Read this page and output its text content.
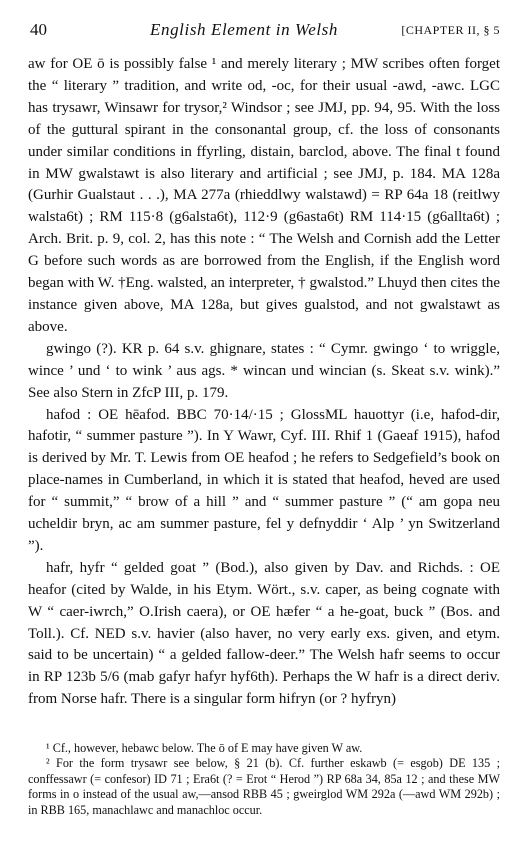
40	English Element in Welsh	[CHAPTER II, § 5

aw for OE ō is possibly false ¹ and merely literary ; MW scribes often forget the “ literary ” tradition, and write od, -oc, for their usual -awd, -awc. LGC has trysawr, Winsawr for trysor,² Windsor ; see JMJ, pp. 94, 95. With the loss of the guttural spirant in the consonantal group, cf. the loss of consonants under similar conditions in ffyrling, distain, barclod, above. The final t found in MW gwalstawt is also literary and artificial ; see JMJ, p. 184. MA 128a (Gurhir Gualstaut . . .), MA 277a (rhieddlwy walstawd) = RP 64a 18 (reitlwy walsta6t) ; RM 115·8 (g6alsta6t), 112·9 (g6asta6t) RM 114·15 (g6allta6t) ; Arch. Brit. p. 9, col. 2, has this note : “ The Welsh and Cornish add the Letter G before such words as are borrowed from the English, if the English word began with W. †Eng. walsted, an interpreter, † gwalstod.” Lhuyd then cites the instance given above, MA 128a, but gives gualstod, and not gwalstawt as above.

gwingo (?). KR p. 64 s.v. ghignare, states : “ Cymr. gwingo ‘ to wriggle, wince ’ und ‘ to wink ’ aus ags. * wincan und wincian (s. Skeat s.v. wink).” See also Stern in ZfcP III, p. 179.

hafod : OE hēafod. BBC 70·14/·15 ; GlossML hauottyr (i.e, hafod-dir, hafotir, “ summer pasture ”). In Y Wawr, Cyf. III. Rhif 1 (Gaeaf 1915), hafod is derived by Mr. T. Lewis from OE heafod ; he refers to Sedgefield’s book on place-names in Cumberland, in which it is stated that heafod, heved are used for “ summit,” “ brow of a hill ” and “ summer pasture ” (“ am gopa neu ucheldir bryn, ac am summer pasture, fel y defnyddir ‘ Alp ’ yn Switzerland ”).

hafr, hyfr “ gelded goat ” (Bod.), also given by Dav. and Richds. : OE heafor (cited by Walde, in his Etym. Wört., s.v. caper, as being cognate with W “ caer-iwrch,” O.Irish caera), or OE hæfer “ a he-goat, buck ” (Bos. and Toll.). Cf. NED s.v. havier (also haver, no very early exs. given, and etym. said to be uncertain) “ a gelded fallow-deer.” The Welsh hafr seems to occur in RP 123b 5/6 (mab gafyr hafyr hyf6th). Perhaps the W hafr is a direct deriv. from Norse hafr. There is a singular form hifryn (or ? hyfryn)

¹ Cf., however, hebawc below. The ō of E may have given W aw.

² For the form trysawr see below, § 21 (b). Cf. further eskawb (= esgob) DE 135 ; conffessawr (= confesor) ID 71 ; Era6t (? = Erot “ Herod ”) RP 68a 34, 85a 12 ; and these MW forms in o instead of the usual aw,—ansod RBB 45 ; gweirglod WM 292a (—awd WM 292b) ; in RBB 165, manachlawc and manachloc occur.
